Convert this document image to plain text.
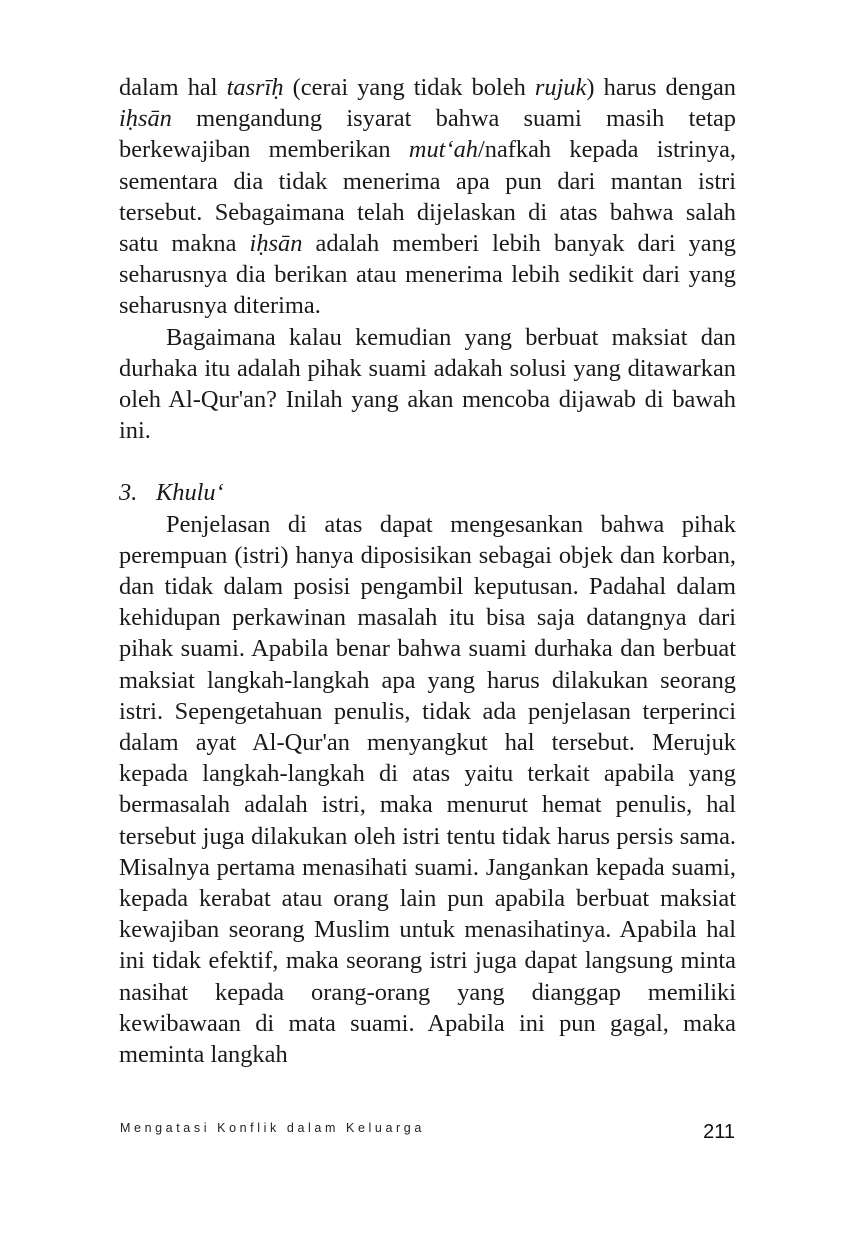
dalam hal tasrīḥ (cerai yang tidak boleh rujuk) harus dengan iḥsān mengandung isyarat bahwa suami masih tetap berkewajiban memberikan mut‘ah/nafkah kepada istrinya, sementara dia tidak menerima apa pun dari mantan istri tersebut. Sebagaimana telah dijelaskan di atas bahwa salah satu makna iḥsān adalah memberi lebih banyak dari yang seharusnya dia berikan atau menerima lebih sedikit dari yang seharusnya diterima.

Bagaimana kalau kemudian yang berbuat maksiat dan durhaka itu adalah pihak suami adakah solusi yang ditawarkan oleh Al-Qur'an? Inilah yang akan mencoba dijawab di bawah ini.

3. Khulu‘

Penjelasan di atas dapat mengesankan bahwa pihak perempuan (istri) hanya diposisikan sebagai objek dan korban, dan tidak dalam posisi pengambil keputusan. Padahal dalam kehidupan perkawinan masalah itu bisa saja datangnya dari pihak suami. Apabila benar bahwa suami durhaka dan berbuat maksiat langkah-langkah apa yang harus dilakukan seorang istri. Sepengetahuan penulis, tidak ada penjelasan terperinci dalam ayat Al-Qur'an menyangkut hal tersebut. Merujuk kepada langkah-langkah di atas yaitu terkait apabila yang bermasalah adalah istri, maka menurut hemat penulis, hal tersebut juga dilakukan oleh istri tentu tidak harus persis sama. Misalnya pertama menasihati suami. Jangankan kepada suami, kepada kerabat atau orang lain pun apabila berbuat maksiat kewajiban seorang Muslim untuk menasihatinya. Apabila hal ini tidak efektif, maka seorang istri juga dapat langsung minta nasihat kepada orang-orang yang dianggap memiliki kewibawaan di mata suami. Apabila ini pun gagal, maka meminta langkah

Mengatasi Konflik dalam Keluarga	211
